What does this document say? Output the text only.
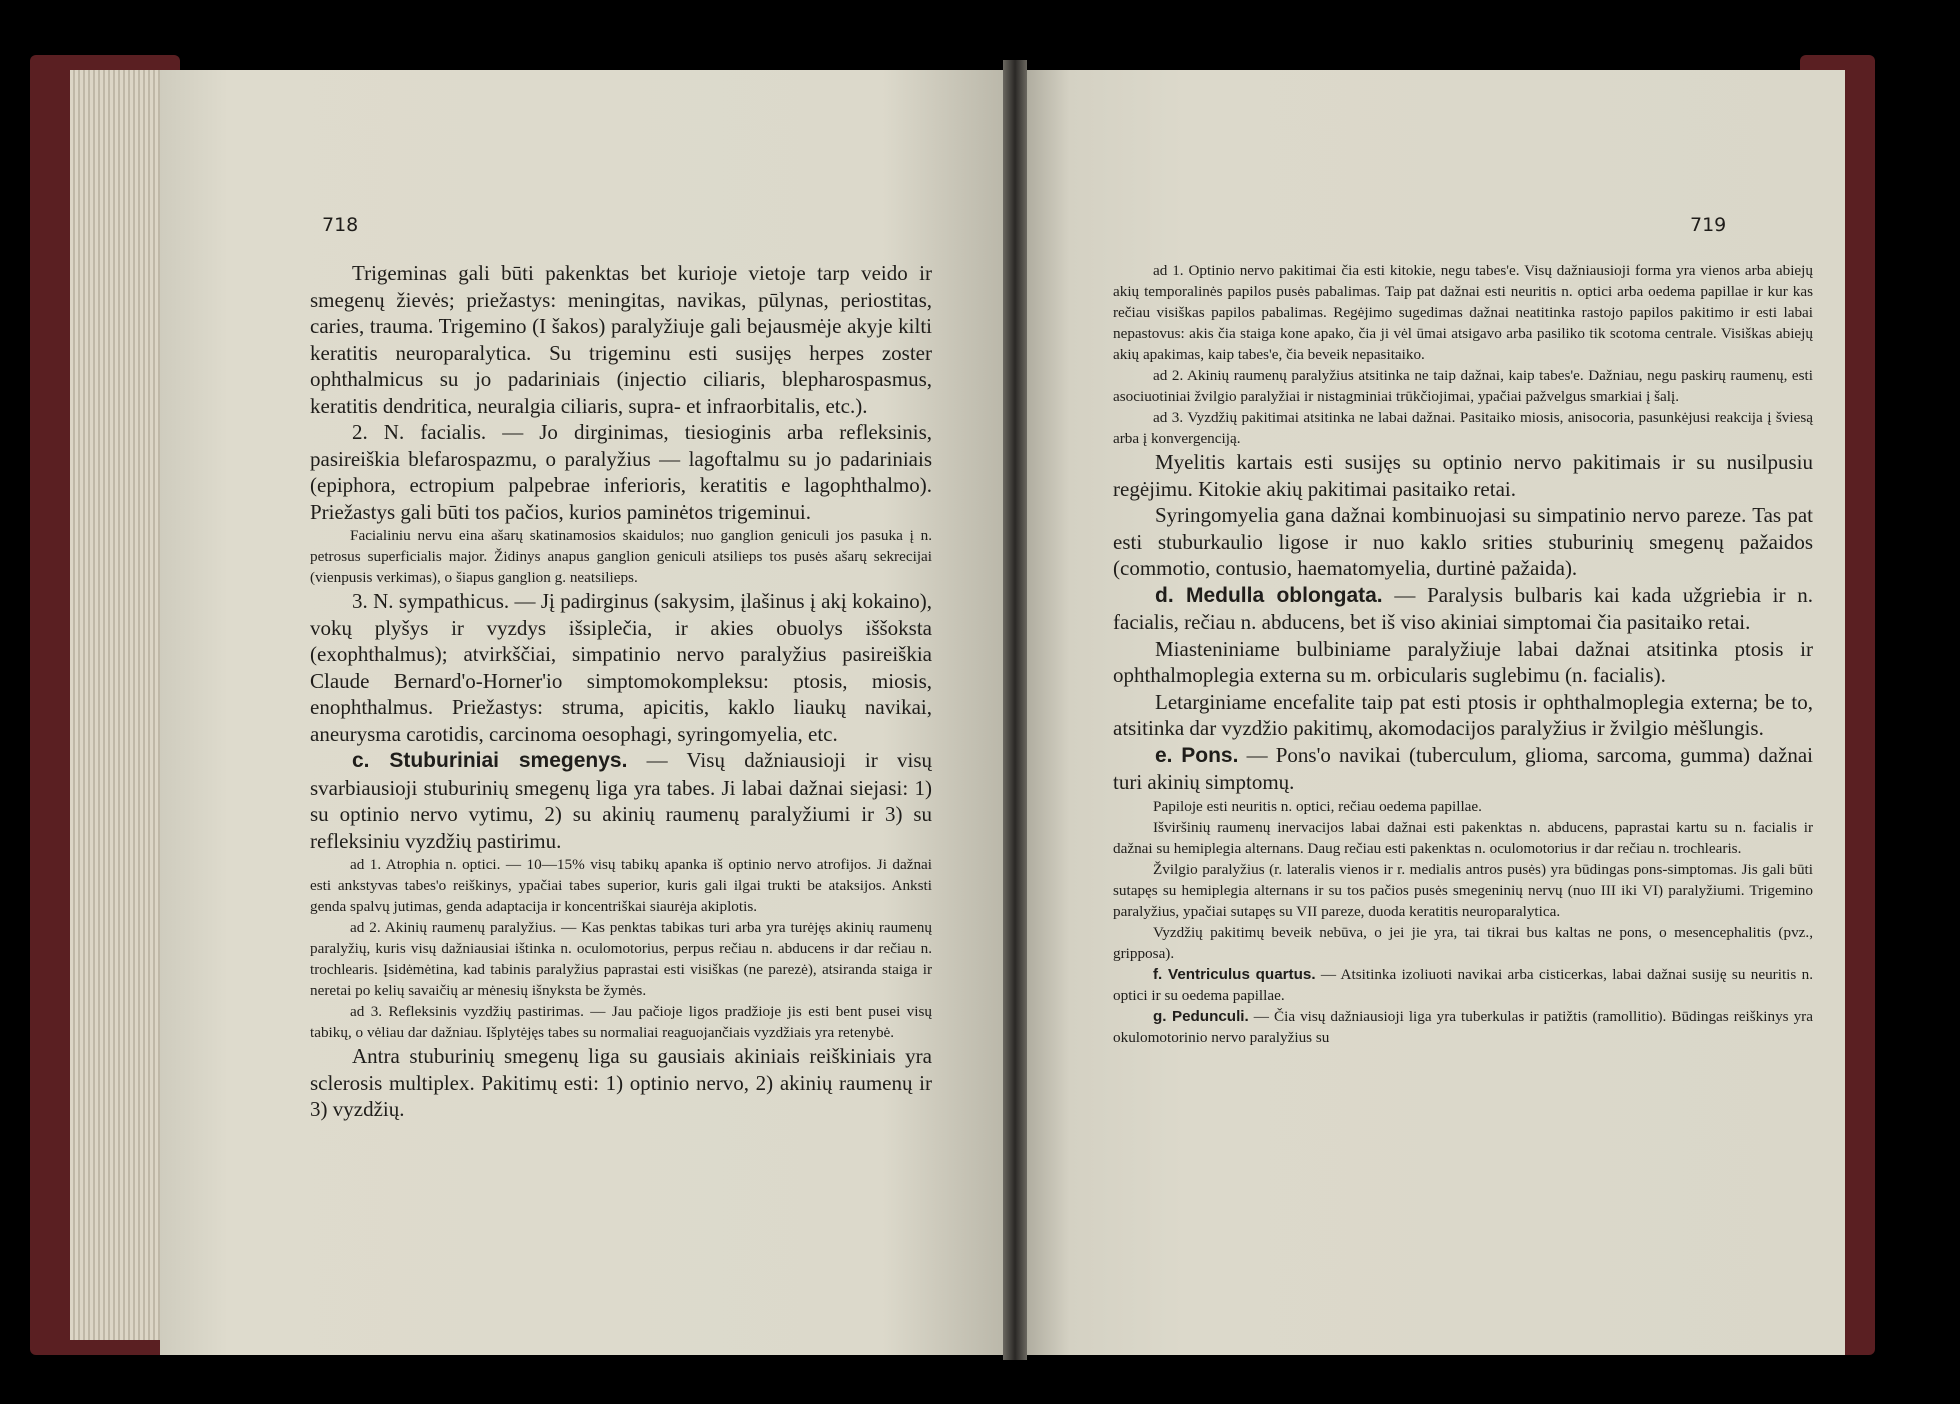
718

Trigeminas gali būti pakenktas bet kurioje vietoje tarp veido ir smegenų žievės; priežastys: meningitas, navikas, pūlynas, periostitas, caries, trauma. Trigemino (I šakos) paralyžiuje gali bejausmėje akyje kilti keratitis neuroparalytica. Su trigeminu esti susijęs herpes zoster ophthalmicus su jo padariniais (injectio ciliaris, blepharospasmus, keratitis dendritica, neuralgia ciliaris, supra- et infraorbitalis, etc.).

2. N. facialis. — Jo dirginimas, tiesioginis arba refleksinis, pasireiškia blefarospazmu, o paralyžius — lagoftalmu su jo padariniais (epiphora, ectropium palpebrae inferioris, keratitis e lagophthalmo). Priežastys gali būti tos pačios, kurios paminėtos trigeminui.

Facialiniu nervu eina ašarų skatinamosios skaidulos; nuo ganglion geniculi jos pasuka į n. petrosus superficialis major. Židinys anapus ganglion geniculi atsilieps tos pusės ašarų sekrecijai (vienpusis verkimas), o šiapus ganglion g. neatsilieps.

3. N. sympathicus. — Jį padirginus (sakysim, įlašinus į akį kokaino), vokų plyšys ir vyzdys išsiplečia, ir akies obuolys iššoksta (exophthalmus); atvirkščiai, simpatinio nervo paralyžius pasireiškia Claude Bernard'o-Horner'io simptomokompleksu: ptosis, miosis, enophthalmus. Priežastys: struma, apicitis, kaklo liaukų navikai, aneurysma carotidis, carcinoma oesophagi, syringomyelia, etc.

c. Stuburiniai smegenys. — Visų dažniausioji ir visų svarbiausioji stuburinių smegenų liga yra tabes. Ji labai dažnai siejasi: 1) su optinio nervo vytimu, 2) su akinių raumenų paralyžiumi ir 3) su refleksiniu vyzdžių pastirimu.

ad 1. Atrophia n. optici. — 10—15% visų tabikų apanka iš optinio nervo atrofijos. Ji dažnai esti ankstyvas tabes'o reiškinys, ypačiai tabes superior, kuris gali ilgai trukti be ataksijos. Anksti genda spalvų jutimas, genda adaptacija ir koncentriškai siaurėja akiplotis.

ad 2. Akinių raumenų paralyžius. — Kas penktas tabikas turi arba yra turėjęs akinių raumenų paralyžių, kuris visų dažniausiai ištinka n. oculomotorius, perpus rečiau n. abducens ir dar rečiau n. trochlearis. Įsidėmėtina, kad tabinis paralyžius paprastai esti visiškas (ne parezė), atsiranda staiga ir neretai po kelių savaičių ar mėnesių išnyksta be žymės.

ad 3. Refleksinis vyzdžių pastirimas. — Jau pačioje ligos pradžioje jis esti bent pusei visų tabikų, o vėliau dar dažniau. Išplytėjęs tabes su normaliai reaguojančiais vyzdžiais yra retenybė.

Antra stuburinių smegenų liga su gausiais akiniais reiškiniais yra sclerosis multiplex. Pakitimų esti: 1) optinio nervo, 2) akinių raumenų ir 3) vyzdžių.

719

ad 1. Optinio nervo pakitimai čia esti kitokie, negu tabes'e. Visų dažniausioji forma yra vienos arba abiejų akių temporalinės papilos pusės pabalimas. Taip pat dažnai esti neuritis n. optici arba oedema papillae ir kur kas rečiau visiškas papilos pabalimas. Regėjimo sugedimas dažnai neatitinka rastojo papilos pakitimo ir esti labai nepastovus: akis čia staiga kone apako, čia ji vėl ūmai atsigavo arba pasiliko tik scotoma centrale. Visiškas abiejų akių apakimas, kaip tabes'e, čia beveik nepasitaiko.

ad 2. Akinių raumenų paralyžius atsitinka ne taip dažnai, kaip tabes'e. Dažniau, negu paskirų raumenų, esti asociuotiniai žvilgio paralyžiai ir nistagminiai trūkčiojimai, ypačiai pažvelgus smarkiai į šalį.

ad 3. Vyzdžių pakitimai atsitinka ne labai dažnai. Pasitaiko miosis, anisocoria, pasunkėjusi reakcija į šviesą arba į konvergenciją.

Myelitis kartais esti susijęs su optinio nervo pakitimais ir su nusilpusiu regėjimu. Kitokie akių pakitimai pasitaiko retai.

Syringomyelia gana dažnai kombinuojasi su simpatinio nervo pareze. Tas pat esti stuburkaulio ligose ir nuo kaklo srities stuburinių smegenų pažaidos (commotio, contusio, haematomyelia, durtinė pažaida).

d. Medulla oblongata. — Paralysis bulbaris kai kada užgriebia ir n. facialis, rečiau n. abducens, bet iš viso akiniai simptomai čia pasitaiko retai.

Miasteniniame bulbiniame paralyžiuje labai dažnai atsitinka ptosis ir ophthalmoplegia externa su m. orbicularis suglebimu (n. facialis).

Letarginiame encefalite taip pat esti ptosis ir ophthalmoplegia externa; be to, atsitinka dar vyzdžio pakitimų, akomodacijos paralyžius ir žvilgio mėšlungis.

e. Pons. — Pons'o navikai (tuberculum, glioma, sarcoma, gumma) dažnai turi akinių simptomų.

Papiloje esti neuritis n. optici, rečiau oedema papillae.

Išviršinių raumenų inervacijos labai dažnai esti pakenktas n. abducens, paprastai kartu su n. facialis ir dažnai su hemiplegia alternans. Daug rečiau esti pakenktas n. oculomotorius ir dar rečiau n. trochlearis.

Žvilgio paralyžius (r. lateralis vienos ir r. medialis antros pusės) yra būdingas pons-simptomas. Jis gali būti sutapęs su hemiplegia alternans ir su tos pačios pusės smegeninių nervų (nuo III iki VI) paralyžiumi. Trigemino paralyžius, ypačiai sutapęs su VII pareze, duoda keratitis neuroparalytica.

Vyzdžių pakitimų beveik nebūva, o jei jie yra, tai tikrai bus kaltas ne pons, o mesencephalitis (pvz., gripposa).

f. Ventriculus quartus. — Atsitinka izoliuoti navikai arba cisticerkas, labai dažnai susiję su neuritis n. optici ir su oedema papillae.

g. Pedunculi. — Čia visų dažniausioji liga yra tuberkulas ir patižtis (ramollitio). Būdingas reiškinys yra okulomotorinio nervo paralyžius su
